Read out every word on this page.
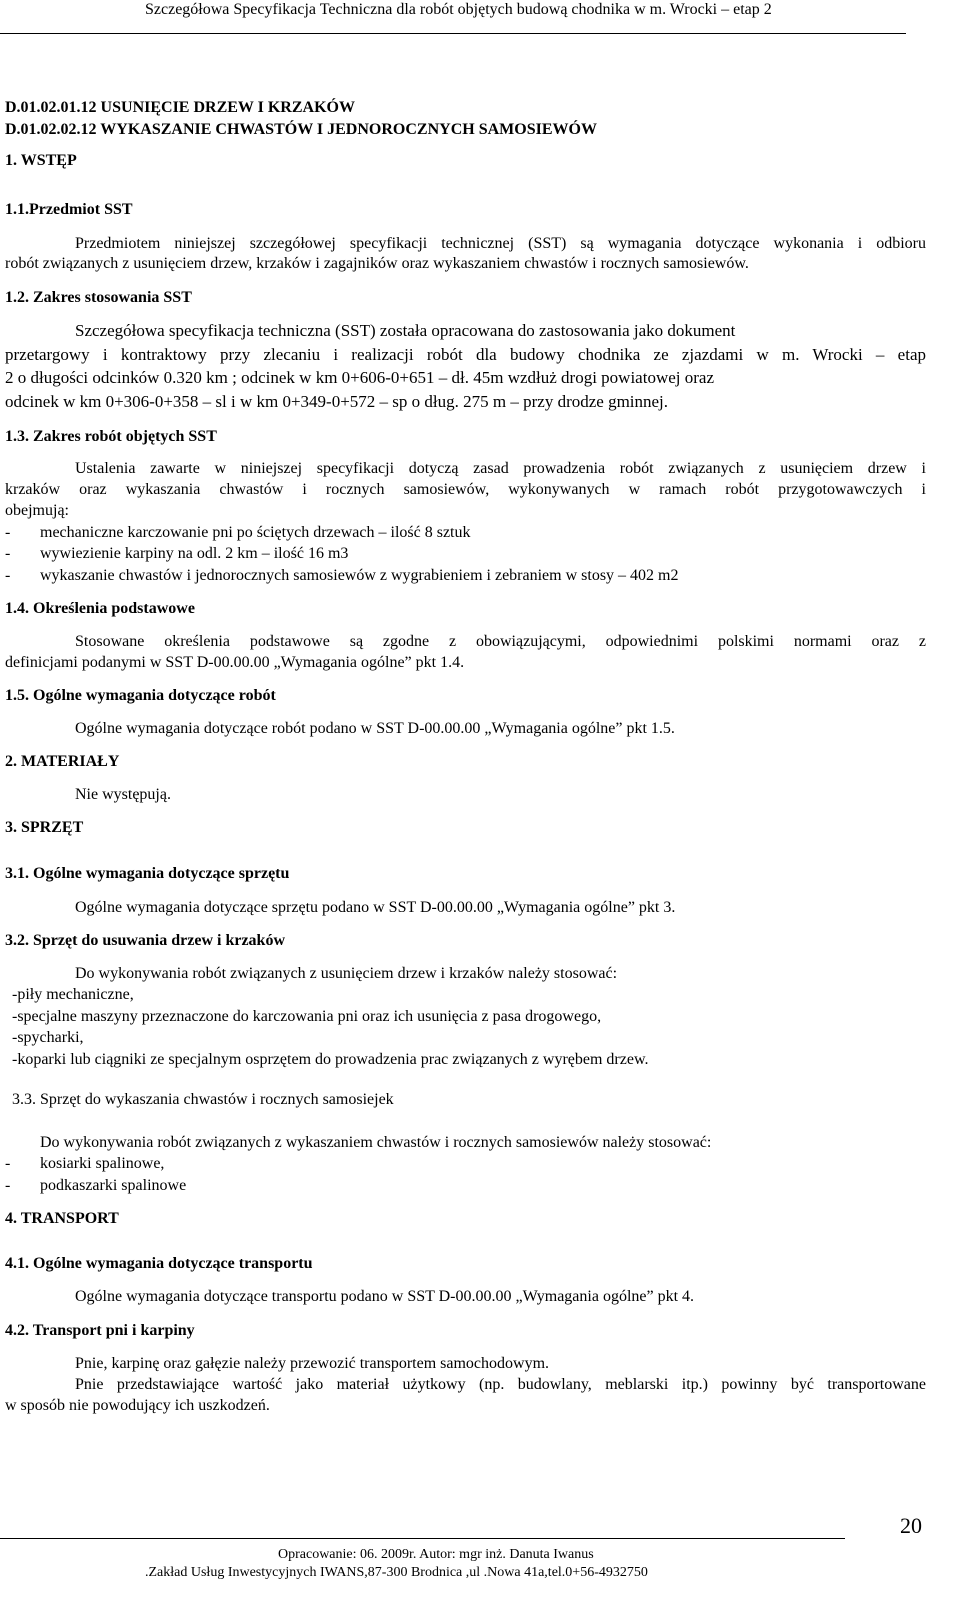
Szczegółowa Specyfikacja Techniczna dla robót objętych budową chodnika w m. Wrocki – etap 2
D.01.02.01.12 USUNIĘCIE DRZEW I KRZAKÓW
D.01.02.02.12 WYKASZANIE CHWASTÓW I JEDNOROCZNYCH SAMOSIEWÓW
1. WSTĘP
1.1.Przedmiot SST
Przedmiotem niniejszej szczegółowej specyfikacji technicznej (SST) są wymagania dotyczące wykonania i odbioru
robót związanych z usunięciem drzew, krzaków i zagajników oraz wykaszaniem chwastów i rocznych samosiewów.
1.2. Zakres stosowania SST
Szczegółowa specyfikacja techniczna (SST) została opracowana do zastosowania jako dokument
przetargowy i kontraktowy przy zlecaniu i realizacji robót dla budowy chodnika ze zjazdami w m. Wrocki – etap
2 o długości odcinków 0.320 km ; odcinek w km 0+606-0+651 – dł. 45m wzdłuż drogi powiatowej oraz
odcinek w km 0+306-0+358 – sl i w km 0+349-0+572 – sp o dług. 275 m – przy drodze gminnej.
1.3. Zakres robót objętych SST
Ustalenia zawarte w niniejszej specyfikacji dotyczą zasad prowadzenia robót związanych z usunięciem drzew i
krzaków oraz wykaszania chwastów i rocznych samosiewów, wykonywanych w ramach robót przygotowawczych i
obejmują:
- mechaniczne karczowanie pni po ściętych drzewach – ilość 8 sztuk
- wywiezienie karpiny na odl. 2 km – ilość 16 m3
- wykaszanie chwastów i jednorocznych samosiewów z wygrabieniem i zebraniem w stosy – 402 m2
1.4. Określenia podstawowe
Stosowane określenia podstawowe są zgodne z obowiązującymi, odpowiednimi polskimi normami oraz z
definicjami podanymi w SST D-00.00.00 „Wymagania ogólne” pkt 1.4.
1.5. Ogólne wymagania dotyczące robót
Ogólne wymagania dotyczące robót podano w SST D-00.00.00 „Wymagania ogólne” pkt 1.5.
2. MATERIAŁY
Nie występują.
3. SPRZĘT
3.1. Ogólne wymagania dotyczące sprzętu
Ogólne wymagania dotyczące sprzętu podano w SST D-00.00.00 „Wymagania ogólne” pkt 3.
3.2. Sprzęt do usuwania drzew i krzaków
Do wykonywania robót związanych z usunięciem drzew i krzaków należy stosować:
-piły mechaniczne,
-specjalne maszyny przeznaczone do karczowania pni oraz ich usunięcia z pasa drogowego,
-spycharki,
-koparki lub ciągniki ze specjalnym osprzętem do prowadzenia prac związanych z wyrębem drzew.
3.3. Sprzęt do wykaszania chwastów i rocznych samosiejek
Do wykonywania robót związanych z wykaszaniem chwastów i rocznych samosiewów należy stosować:
- kosiarki spalinowe,
- podkaszarki spalinowe
4. TRANSPORT
4.1. Ogólne wymagania dotyczące transportu
Ogólne wymagania dotyczące transportu podano w SST D-00.00.00 „Wymagania ogólne” pkt 4.
4.2. Transport pni i karpiny
Pnie, karpinę oraz gałęzie należy przewozić transportem samochodowym.
Pnie przedstawiające wartość jako materiał użytkowy (np. budowlany, meblarski itp.) powinny być transportowane
w sposób nie powodujący ich uszkodzeń.
Opracowanie: 06. 2009r. Autor: mgr inż. Danuta Iwanus
.Zakład Usług Inwestycyjnych IWANS,87-300 Brodnica ,ul .Nowa 41a,tel.0+56-4932750
20
